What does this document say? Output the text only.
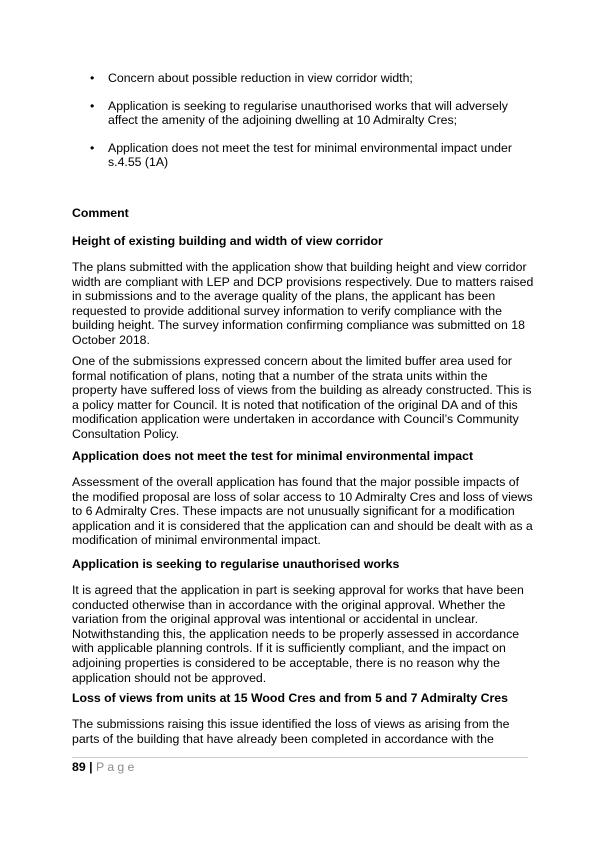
• Concern about possible reduction in view corridor width;
• Application is seeking to regularise unauthorised works that will adversely affect the amenity of the adjoining dwelling at 10 Admiralty Cres;
• Application does not meet the test for minimal environmental impact under s.4.55 (1A)

Comment

Height of existing building and width of view corridor

The plans submitted with the application show that building height and view corridor width are compliant with LEP and DCP provisions respectively. Due to matters raised in submissions and to the average quality of the plans, the applicant has been requested to provide additional survey information to verify compliance with the building height. The survey information confirming compliance was submitted on 18 October 2018.

One of the submissions expressed concern about the limited buffer area used for formal notification of plans, noting that a number of the strata units within the property have suffered loss of views from the building as already constructed. This is a policy matter for Council. It is noted that notification of the original DA and of this modification application were undertaken in accordance with Council’s Community Consultation Policy.

Application does not meet the test for minimal environmental impact

Assessment of the overall application has found that the major possible impacts of the modified proposal are loss of solar access to 10 Admiralty Cres and loss of views to 6 Admiralty Cres. These impacts are not unusually significant for a modification application and it is considered that the application can and should be dealt with as a modification of minimal environmental impact.

Application is seeking to regularise unauthorised works

It is agreed that the application in part is seeking approval for works that have been conducted otherwise than in accordance with the original approval. Whether the variation from the original approval was intentional or accidental in unclear. Notwithstanding this, the application needs to be properly assessed in accordance with applicable planning controls. If it is sufficiently compliant, and the impact on adjoining properties is considered to be acceptable, there is no reason why the application should not be approved.

Loss of views from units at 15 Wood Cres and from 5 and 7 Admiralty Cres

The submissions raising this issue identified the loss of views as arising from the parts of the building that have already been completed in accordance with the

89 | Page
